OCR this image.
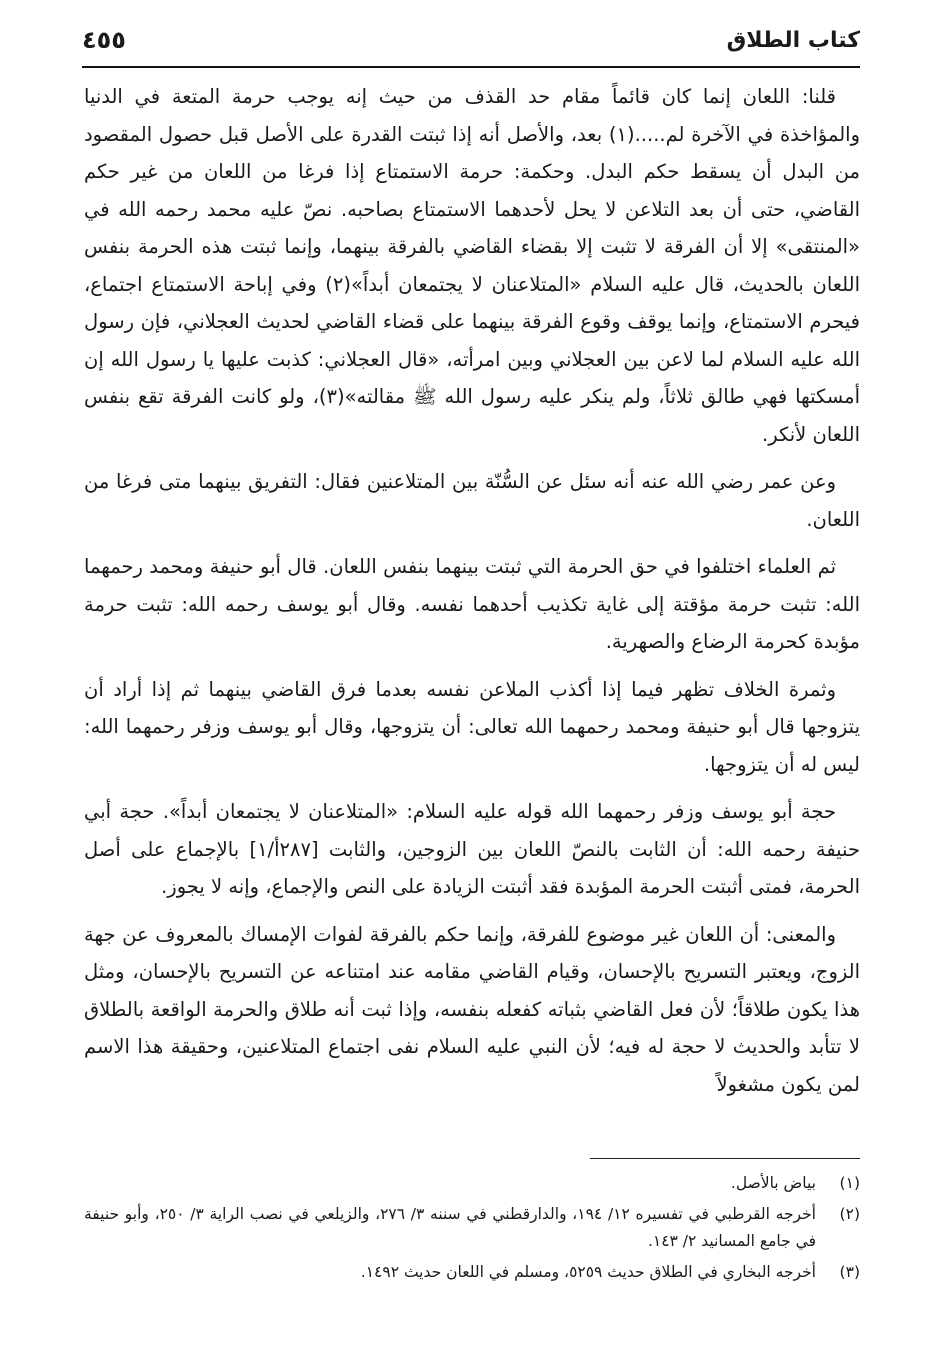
كتاب الطلاق
٤٥٥

قلنا: اللعان إنما كان قائماً مقام حد القذف من حيث إنه يوجب حرمة المتعة في الدنيا والمؤاخذة في الآخرة لم.....(١) بعد، والأصل أنه إذا ثبتت القدرة على الأصل قبل حصول المقصود من البدل أن يسقط حكم البدل. وحكمة: حرمة الاستمتاع إذا فرغا من اللعان من غير حكم القاضي، حتى أن بعد التلاعن لا يحل لأحدهما الاستمتاع بصاحبه. نصّ عليه محمد رحمه الله في «المنتقى» إلا أن الفرقة لا تثبت إلا بقضاء القاضي بالفرقة بينهما، وإنما ثبتت هذه الحرمة بنفس اللعان بالحديث، قال عليه السلام «المتلاعنان لا يجتمعان أبداً»(٢) وفي إباحة الاستمتاع اجتماع، فيحرم الاستمتاع، وإنما يوقف وقوع الفرقة بينهما على قضاء القاضي لحديث العجلاني، فإن رسول الله عليه السلام لما لاعن بين العجلاني وبين امرأته، «قال العجلاني: كذبت عليها يا رسول الله إن أمسكتها فهي طالق ثلاثاً، ولم ينكر عليه رسول الله ﷺ مقالته»(٣)، ولو كانت الفرقة تقع بنفس اللعان لأنكر.

وعن عمر رضي الله عنه أنه سئل عن السُّنّة بين المتلاعنين فقال: التفريق بينهما متى فرغا من اللعان.

ثم العلماء اختلفوا في حق الحرمة التي ثبتت بينهما بنفس اللعان. قال أبو حنيفة ومحمد رحمهما الله: تثبت حرمة مؤقتة إلى غاية تكذيب أحدهما نفسه. وقال أبو يوسف رحمه الله: تثبت حرمة مؤبدة كحرمة الرضاع والصهرية.

وثمرة الخلاف تظهر فيما إذا أكذب الملاعن نفسه بعدما فرق القاضي بينهما ثم إذا أراد أن يتزوجها قال أبو حنيفة ومحمد رحمهما الله تعالى: أن يتزوجها، وقال أبو يوسف وزفر رحمهما الله: ليس له أن يتزوجها.

حجة أبو يوسف وزفر رحمهما الله قوله عليه السلام: «المتلاعنان لا يجتمعان أبداً». حجة أبي حنيفة رحمه الله: أن الثابت بالنصّ اللعان بين الزوجين، والثابت [٢٨٧أ/١] بالإجماع على أصل الحرمة، فمتى أثبتت الحرمة المؤبدة فقد أثبتت الزيادة على النص والإجماع، وإنه لا يجوز.

والمعنى: أن اللعان غير موضوع للفرقة، وإنما حكم بالفرقة لفوات الإمساك بالمعروف عن جهة الزوج، ويعتبر التسريح بالإحسان، وقيام القاضي مقامه عند امتناعه عن التسريح بالإحسان، ومثل هذا يكون طلاقاً؛ لأن فعل القاضي بثباته كفعله بنفسه، وإذا ثبت أنه طلاق والحرمة الواقعة بالطلاق لا تتأبد والحديث لا حجة له فيه؛ لأن النبي عليه السلام نفى اجتماع المتلاعنين، وحقيقة هذا الاسم لمن يكون مشغولاً

(١)
بياض بالأصل.
(٢)
أخرجه القرطبي في تفسيره ١٢/ ١٩٤، والدارقطني في سننه ٣/ ٢٧٦، والزيلعي في نصب الراية ٣/ ٢٥٠، وأبو حنيفة في جامع المسانيد ٢/ ١٤٣.
(٣)
أخرجه البخاري في الطلاق حديث ٥٢٥٩، ومسلم في اللعان حديث ١٤٩٢.
